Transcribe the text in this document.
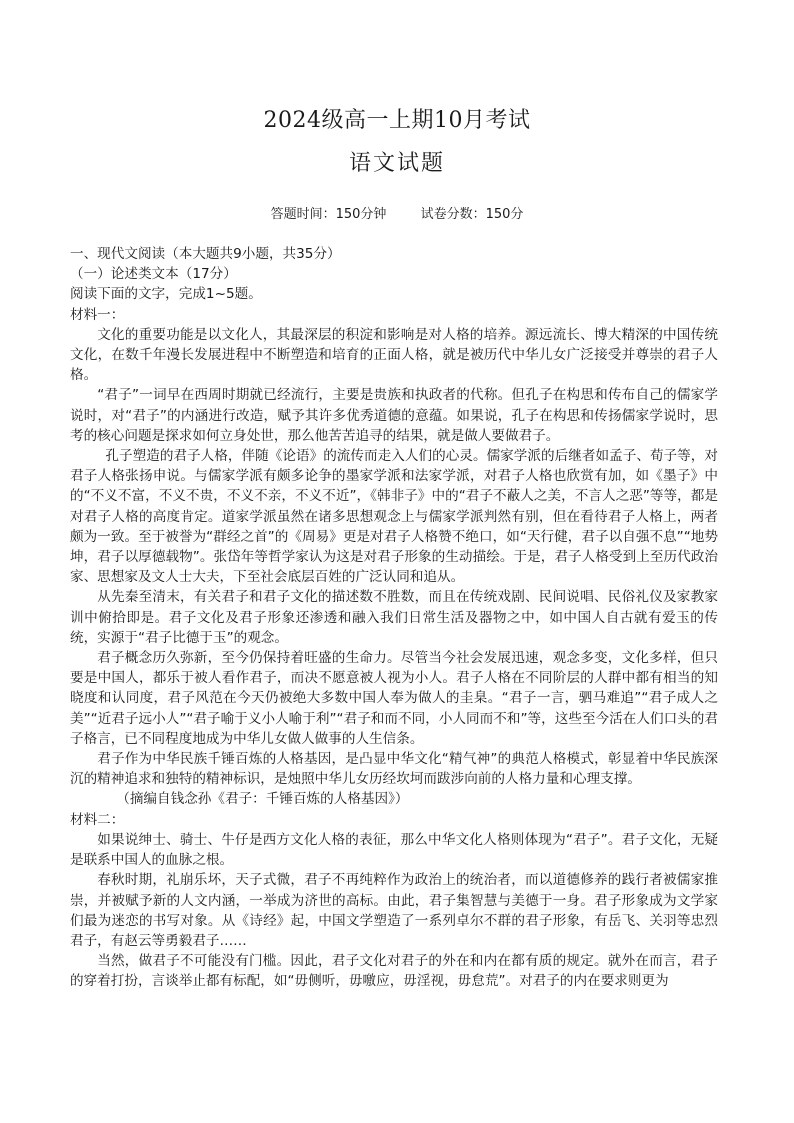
2024级高一上期10月考试
语文试题
答题时间：150分钟	试卷分数：150分

一、现代文阅读（本大题共9小题，共35分）

（一）论述类文本（17分）

阅读下面的文字，完成1~5题。

材料一：

文化的重要功能是以文化人，其最深层的积淀和影响是对人格的培养。源远流长、博大精深的中国传统文化，在数千年漫长发展进程中不断塑造和培育的正面人格，就是被历代中华儿女广泛接受并尊崇的君子人格。

“君子”一词早在西周时期就已经流行，主要是贵族和执政者的代称。但孔子在构思和传布自己的儒家学说时，对“君子”的内涵进行改造，赋予其许多优秀道德的意蕴。如果说，孔子在构思和传扬儒家学说时，思考的核心问题是探求如何立身处世，那么他苦苦追寻的结果，就是做人要做君子。

孔子塑造的君子人格，伴随《论语》的流传而走入人们的心灵。儒家学派的后继者如孟子、荀子等，对君子人格张扬申说。与儒家学派有颇多论争的墨家学派和法家学派，对君子人格也欣赏有加，如《墨子》中的“不义不富，不义不贵，不义不亲，不义不近”，《韩非子》中的“君子不蔽人之美，不言人之恶”等等，都是对君子人格的高度肯定。道家学派虽然在诸多思想观念上与儒家学派判然有别，但在看待君子人格上，两者颇为一致。至于被誉为“群经之首”的《周易》更是对君子人格赞不绝口，如“天行健，君子以自强不息”“地势坤，君子以厚德载物”。张岱年等哲学家认为这是对君子形象的生动描绘。于是，君子人格受到上至历代政治家、思想家及文人士大夫，下至社会底层百姓的广泛认同和追从。

从先秦至清末，有关君子和君子文化的描述数不胜数，而且在传统戏剧、民间说唱、民俗礼仪及家教家训中俯拾即是。君子文化及君子形象还渗透和融入我们日常生活及器物之中，如中国人自古就有爱玉的传统，实源于“君子比德于玉”的观念。

君子概念历久弥新，至今仍保持着旺盛的生命力。尽管当今社会发展迅速，观念多变，文化多样，但只要是中国人，都乐于被人看作君子，而决不愿意被人视为小人。君子人格在不同阶层的人群中都有相当的知晓度和认同度，君子风范在今天仍被绝大多数中国人奉为做人的圭臬。“君子一言，驷马难追”“君子成人之美”“近君子远小人”“君子喻于义小人喻于利”“君子和而不同，小人同而不和”等，这些至今活在人们口头的君子格言，已不同程度地成为中华儿女做人做事的人生信条。

君子作为中华民族千锤百炼的人格基因，是凸显中华文化“精气神”的典范人格模式，彰显着中华民族深沉的精神追求和独特的精神标识，是烛照中华儿女历经坎坷而跋涉向前的人格力量和心理支撑。

（摘编自钱念孙《君子：千锤百炼的人格基因》）

材料二：

如果说绅士、骑士、牛仔是西方文化人格的表征，那么中华文化人格则体现为“君子”。君子文化，无疑是联系中国人的血脉之根。

春秋时期，礼崩乐坏，天子式微，君子不再纯粹作为政治上的统治者，而以道德修养的践行者被儒家推崇，并被赋予新的人文内涵，一举成为济世的高标。由此，君子集智慧与美德于一身。君子形象成为文学家们最为迷恋的书写对象。从《诗经》起，中国文学塑造了一系列卓尔不群的君子形象，有岳飞、关羽等忠烈君子，有赵云等勇毅君子……

当然，做君子不可能没有门槛。因此，君子文化对君子的外在和内在都有质的规定。就外在而言，君子的穿着打扮，言谈举止都有标配，如“毋侧听，毋噭应，毋淫视，毋怠荒”。对君子的内在要求则更为
